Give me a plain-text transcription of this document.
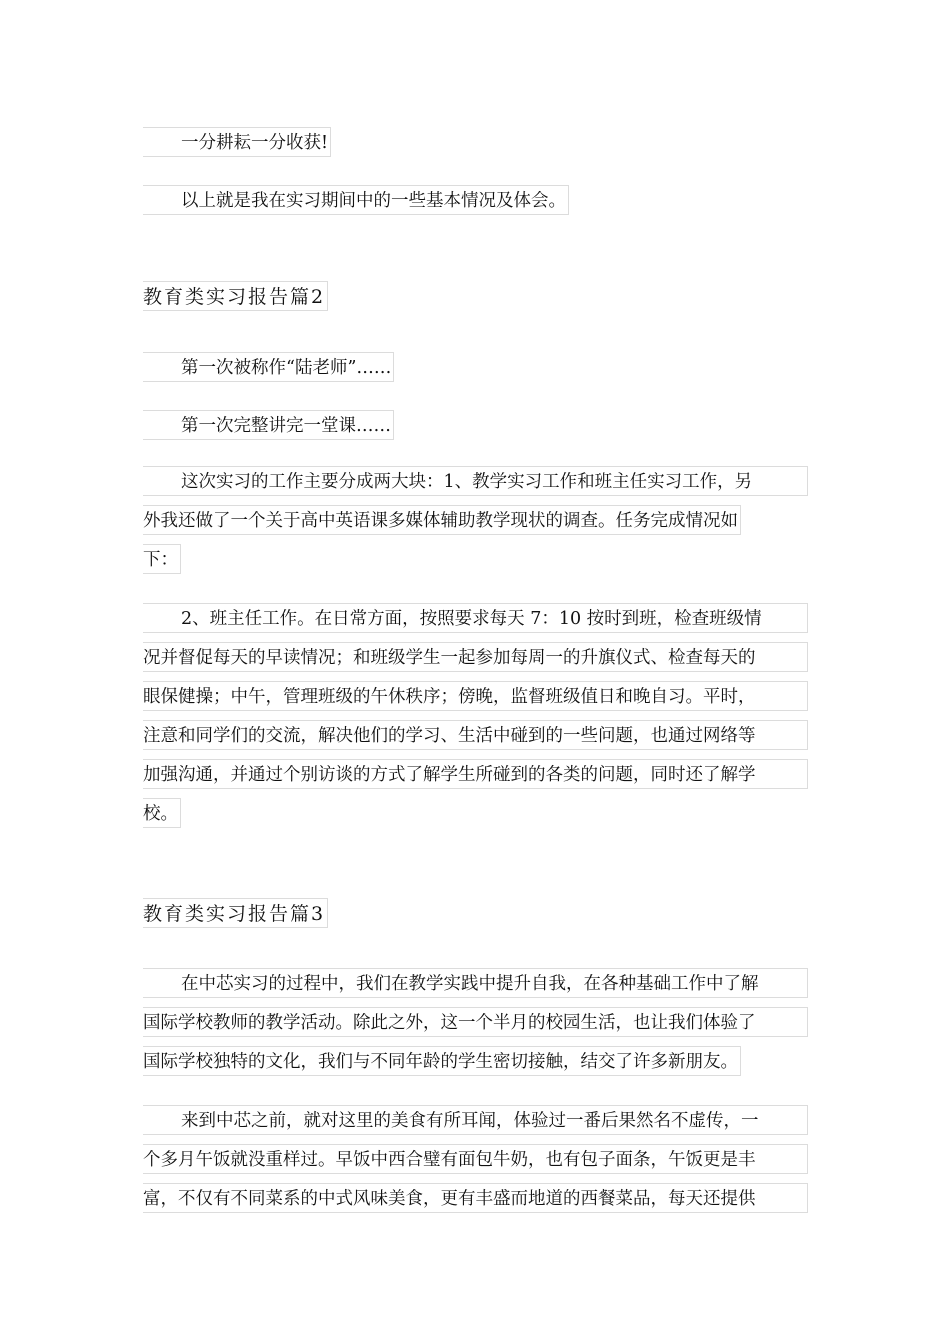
一分耕耘一分收获!
以上就是我在实习期间中的一些基本情况及体会。
教育类实习报告篇2
第一次被称作“陆老师”……
第一次完整讲完一堂课……
这次实习的工作主要分成两大块：1、教学实习工作和班主任实习工作，另
外我还做了一个关于高中英语课多媒体辅助教学现状的调查。任务完成情况如
下：
2、班主任工作。在日常方面，按照要求每天 7：10 按时到班，检查班级情
况并督促每天的早读情况；和班级学生一起参加每周一的升旗仪式、检查每天的
眼保健操；中午，管理班级的午休秩序；傍晚，监督班级值日和晚自习。平时，
注意和同学们的交流，解决他们的学习、生活中碰到的一些问题，也通过网络等
加强沟通，并通过个别访谈的方式了解学生所碰到的各类的问题，同时还了解学
校。
教育类实习报告篇3
在中芯实习的过程中，我们在教学实践中提升自我，在各种基础工作中了解
国际学校教师的教学活动。除此之外，这一个半月的校园生活，也让我们体验了
国际学校独特的文化，我们与不同年龄的学生密切接触，结交了许多新朋友。
来到中芯之前，就对这里的美食有所耳闻，体验过一番后果然名不虚传，一
个多月午饭就没重样过。早饭中西合璧有面包牛奶，也有包子面条，午饭更是丰
富，不仅有不同菜系的中式风味美食，更有丰盛而地道的西餐菜品，每天还提供
